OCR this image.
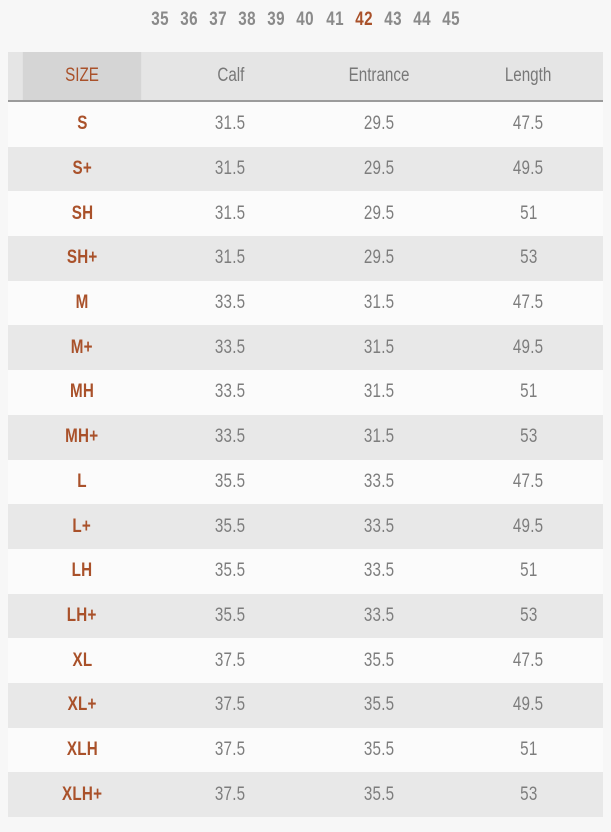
35 36 37 38 39 40 41 42 43 44 45
SIZE	Calf	Entrance	Length
S	31.5	29.5	47.5
S+	31.5	29.5	49.5
SH	31.5	29.5	51
SH+	31.5	29.5	53
M	33.5	31.5	47.5
M+	33.5	31.5	49.5
MH	33.5	31.5	51
MH+	33.5	31.5	53
L	35.5	33.5	47.5
L+	35.5	33.5	49.5
LH	35.5	33.5	51
LH+	35.5	33.5	53
XL	37.5	35.5	47.5
XL+	37.5	35.5	49.5
XLH	37.5	35.5	51
XLH+	37.5	35.5	53
